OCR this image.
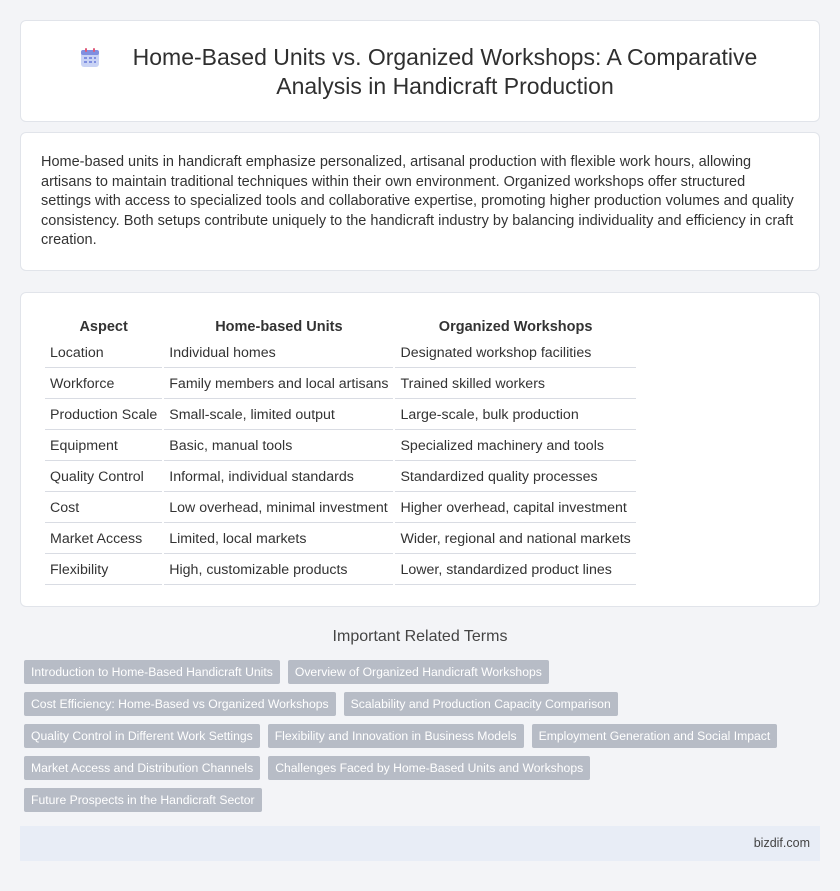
Home-Based Units vs. Organized Workshops: A Comparative Analysis in Handicraft Production

Home-based units in handicraft emphasize personalized, artisanal production with flexible work hours, allowing artisans to maintain traditional techniques within their own environment. Organized workshops offer structured settings with access to specialized tools and collaborative expertise, promoting higher production volumes and quality consistency. Both setups contribute uniquely to the handicraft industry by balancing individuality and efficiency in craft creation.

Aspect	Home-based Units	Organized Workshops
Location	Individual homes	Designated workshop facilities
Workforce	Family members and local artisans	Trained skilled workers
Production Scale	Small-scale, limited output	Large-scale, bulk production
Equipment	Basic, manual tools	Specialized machinery and tools
Quality Control	Informal, individual standards	Standardized quality processes
Cost	Low overhead, minimal investment	Higher overhead, capital investment
Market Access	Limited, local markets	Wider, regional and national markets
Flexibility	High, customizable products	Lower, standardized product lines
Important Related Terms
Introduction to Home-Based Handicraft Units	Overview of Organized Handicraft Workshops
Cost Efficiency: Home-Based vs Organized Workshops	Scalability and Production Capacity Comparison
Quality Control in Different Work Settings	Flexibility and Innovation in Business Models	Employment Generation and Social Impact
Market Access and Distribution Channels	Challenges Faced by Home-Based Units and Workshops
Future Prospects in the Handicraft Sector
bizdif.com
